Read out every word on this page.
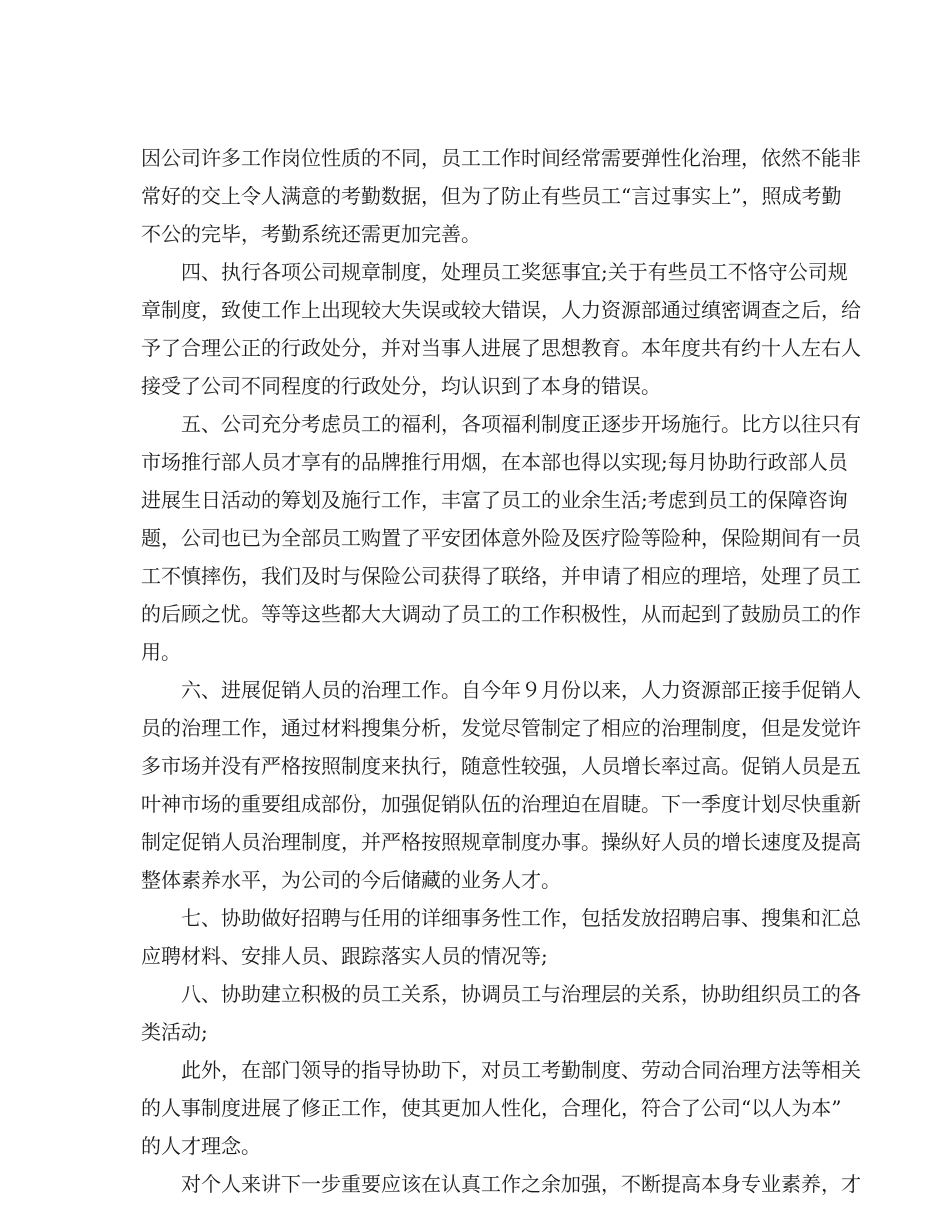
因公司许多工作岗位性质的不同，员工工作时间经常需要弹性化治理，依然不能非
常好的交上令人满意的考勤数据，但为了防止有些员工“言过事实上”，照成考勤
不公的完毕，考勤系统还需更加完善。
四、执行各项公司规章制度，处理员工奖惩事宜;关于有些员工不恪守公司规
章制度，致使工作上出现较大失误或较大错误，人力资源部通过缜密调查之后，给
予了合理公正的行政处分，并对当事人进展了思想教育。本年度共有约十人左右人
接受了公司不同程度的行政处分，均认识到了本身的错误。
五、公司充分考虑员工的福利，各项福利制度正逐步开场施行。比方以往只有
市场推行部人员才享有的品牌推行用烟，在本部也得以实现;每月协助行政部人员
进展生日活动的筹划及施行工作，丰富了员工的业余生活;考虑到员工的保障咨询
题，公司也已为全部员工购置了平安团体意外险及医疗险等险种，保险期间有一员
工不慎摔伤，我们及时与保险公司获得了联络，并申请了相应的理培，处理了员工
的后顾之忧。等等这些都大大调动了员工的工作积极性，从而起到了鼓励员工的作
用。
六、进展促销人员的治理工作。自今年９月份以来，人力资源部正接手促销人
员的治理工作，通过材料搜集分析，发觉尽管制定了相应的治理制度，但是发觉许
多市场并没有严格按照制度来执行，随意性较强，人员增长率过高。促销人员是五
叶神市场的重要组成部份，加强促销队伍的治理迫在眉睫。下一季度计划尽快重新
制定促销人员治理制度，并严格按照规章制度办事。操纵好人员的增长速度及提高
整体素养水平，为公司的今后储藏的业务人才。
七、协助做好招聘与任用的详细事务性工作，包括发放招聘启事、搜集和汇总
应聘材料、安排人员、跟踪落实人员的情况等;
八、协助建立积极的员工关系，协调员工与治理层的关系，协助组织员工的各
类活动;
此外，在部门领导的指导协助下，对员工考勤制度、劳动合同治理方法等相关
的人事制度进展了修正工作，使其更加人性化，合理化，符合了公司“以人为本”
的人才理念。
对个人来讲下一步重要应该在认真工作之余加强，不断提高本身专业素养，才
